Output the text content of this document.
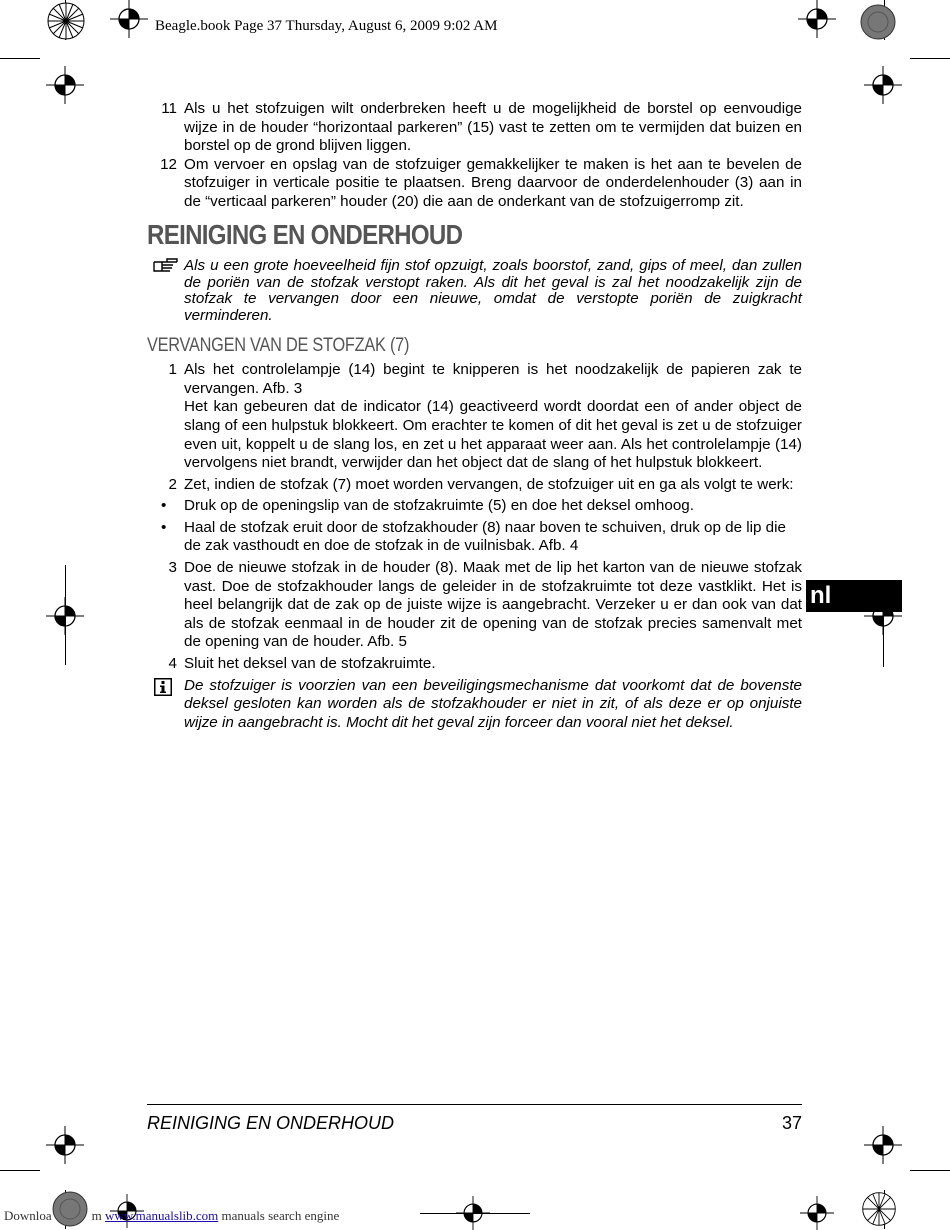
Beagle.book Page 37 Thursday, August 6, 2009 9:02 AM
11 Als u het stofzuigen wilt onderbreken heeft u de mogelijkheid de borstel op eenvoudige wijze in de houder “horizontaal parkeren” (15) vast te zetten om te vermijden dat buizen en borstel op de grond blijven liggen.
12 Om vervoer en opslag van de stofzuiger gemakkelijker te maken is het aan te bevelen de stofzuiger in verticale positie te plaatsen. Breng daarvoor de onderdelenhouder (3) aan in de “verticaal parkeren” houder (20) die aan de onderkant van de stofzuigerromp zit.
REINIGING EN ONDERHOUD
Als u een grote hoeveelheid fijn stof opzuigt, zoals boorstof, zand, gips of meel, dan zullen de poriën van de stofzak verstopt raken. Als dit het geval is zal het noodzakelijk zijn de stofzak te vervangen door een nieuwe, omdat de verstopte poriën de zuigkracht verminderen.
VERVANGEN VAN DE STOFZAK (7)
1 Als het controlelampje (14) begint te knipperen is het noodzakelijk de papieren zak te vervangen. Afb. 3
Het kan gebeuren dat de indicator (14) geactiveerd wordt doordat een of ander object de slang of een hulpstuk blokkeert. Om erachter te komen of dit het geval is zet u de stofzuiger even uit, koppelt u de slang los, en zet u het apparaat weer aan. Als het controlelampje (14) vervolgens niet brandt, verwijder dan het object dat de slang of het hulpstuk blokkeert.
2 Zet, indien de stofzak (7) moet worden vervangen, de stofzuiger uit en ga als volgt te werk:
• Druk op de openingslip van de stofzakruimte (5) en doe het deksel omhoog.
• Haal de stofzak eruit door de stofzakhouder (8) naar boven te schuiven, druk op de lip die de zak vasthoudt en doe de stofzak in de vuilnisbak. Afb. 4
3 Doe de nieuwe stofzak in de houder (8). Maak met de lip het karton van de nieuwe stofzak vast. Doe de stofzakhouder langs de geleider in de stofzakruimte tot deze vastklikt. Het is heel belangrijk dat de zak op de juiste wijze is aangebracht. Verzeker u er dan ook van dat als de stofzak eenmaal in de houder zit de opening van de stofzak precies samenvalt met de opening van de houder. Afb. 5
4 Sluit het deksel van de stofzakruimte.
De stofzuiger is voorzien van een beveiligingsmechanisme dat voorkomt dat de bovenste deksel gesloten kan worden als de stofzakhouder er niet in zit, of als deze er op onjuiste wijze in aangebracht is. Mocht dit het geval zijn forceer dan vooral niet het deksel.
nl
REINIGING EN ONDERHOUD	37
Downloa	m www.manualslib.com manuals search engine
